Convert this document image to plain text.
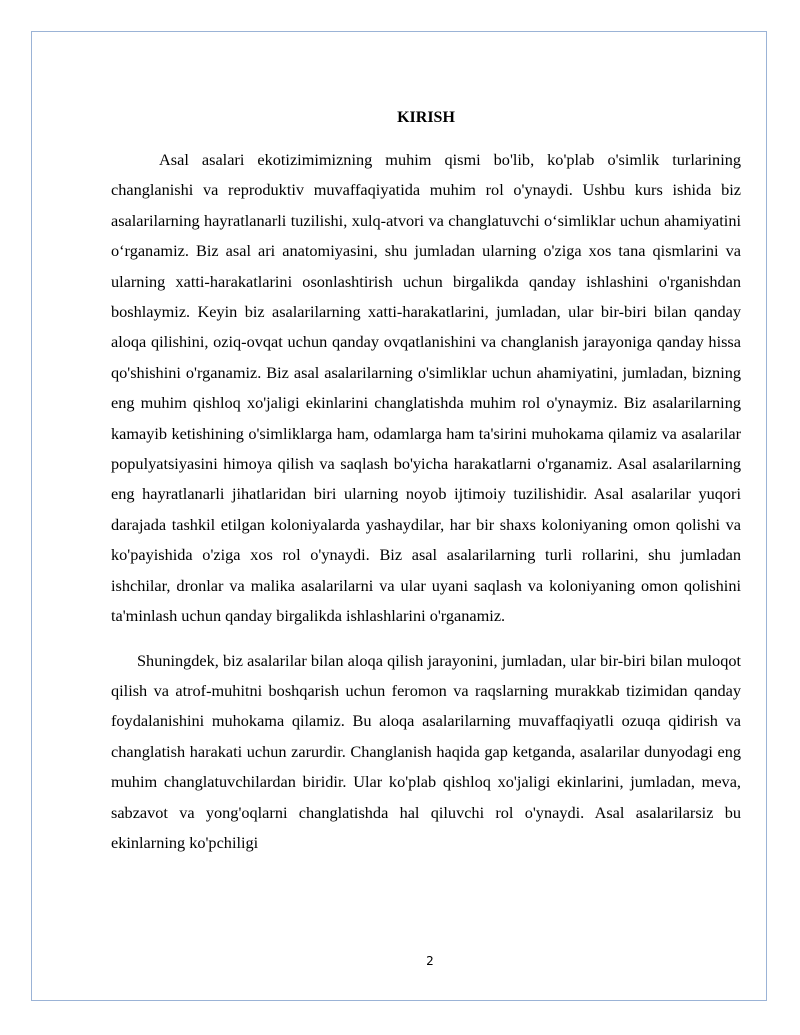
KIRISH

Asal asalari ekotizimimizning muhim qismi bo'lib, ko'plab o'simlik turlarining changlanishi va reproduktiv muvaffaqiyatida muhim rol o'ynaydi. Ushbu kurs ishida biz asalarilarning hayratlanarli tuzilishi, xulq-atvori va changlatuvchi o‘simliklar uchun ahamiyatini o‘rganamiz. Biz asal ari anatomiyasini, shu jumladan ularning o'ziga xos tana qismlarini va ularning xatti-harakatlarini osonlashtirish uchun birgalikda qanday ishlashini o'rganishdan boshlaymiz. Keyin biz asalarilarning xatti-harakatlarini, jumladan, ular bir-biri bilan qanday aloqa qilishini, oziq-ovqat uchun qanday ovqatlanishini va changlanish jarayoniga qanday hissa qo'shishini o'rganamiz. Biz asal asalarilarning o'simliklar uchun ahamiyatini, jumladan, bizning eng muhim qishloq xo'jaligi ekinlarini changlatishda muhim rol o'ynaymiz. Biz asalarilarning kamayib ketishining o'simliklarga ham, odamlarga ham ta'sirini muhokama qilamiz va asalarilar populyatsiyasini himoya qilish va saqlash bo'yicha harakatlarni o'rganamiz. Asal asalarilarning eng hayratlanarli jihatlaridan biri ularning noyob ijtimoiy tuzilishidir. Asal asalarilar yuqori darajada tashkil etilgan koloniyalarda yashaydilar, har bir shaxs koloniyaning omon qolishi va ko'payishida o'ziga xos rol o'ynaydi. Biz asal asalarilarning turli rollarini, shu jumladan ishchilar, dronlar va malika asalarilarni va ular uyani saqlash va koloniyaning omon qolishini ta'minlash uchun qanday birgalikda ishlashlarini o'rganamiz.

Shuningdek, biz asalarilar bilan aloqa qilish jarayonini, jumladan, ular bir-biri bilan muloqot qilish va atrof-muhitni boshqarish uchun feromon va raqslarning murakkab tizimidan qanday foydalanishini muhokama qilamiz. Bu aloqa asalarilarning muvaffaqiyatli ozuqa qidirish va changlatish harakati uchun zarurdir. Changlanish haqida gap ketganda, asalarilar dunyodagi eng muhim changlatuvchilardan biridir. Ular ko'plab qishloq xo'jaligi ekinlarini, jumladan, meva, sabzavot va yong'oqlarni changlatishda hal qiluvchi rol o'ynaydi. Asal asalarilarsiz bu ekinlarning ko'pchiligi

2
